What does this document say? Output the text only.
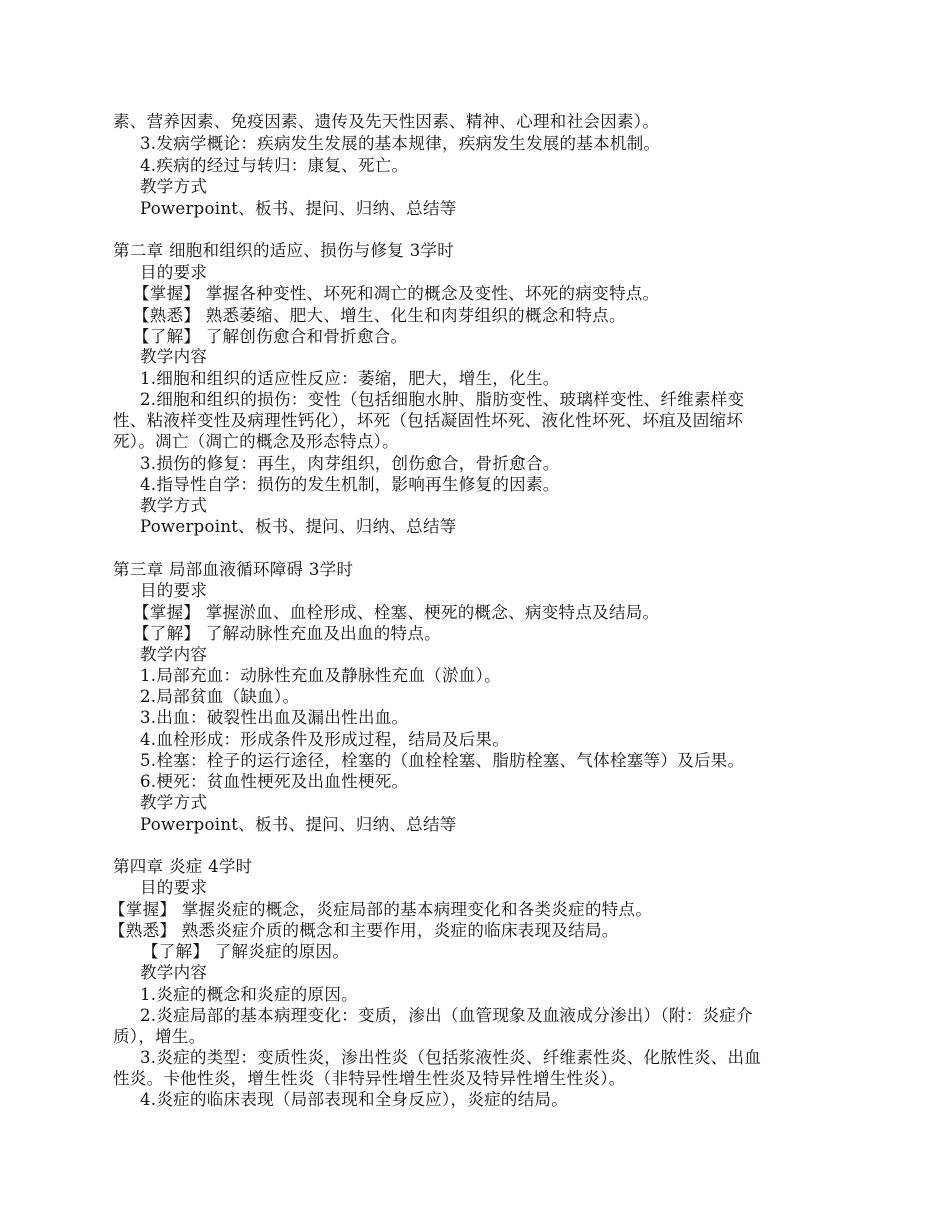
素、营养因素、免疫因素、遗传及先天性因素、精神、心理和社会因素）。
3.发病学概论：疾病发生发展的基本规律，疾病发生发展的基本机制。
4.疾病的经过与转归：康复、死亡。
教学方式
Powerpoint、板书、提问、归纳、总结等
第二章 细胞和组织的适应、损伤与修复 3学时
目的要求
【掌握】 掌握各种变性、坏死和凋亡的概念及变性、坏死的病变特点。
【熟悉】 熟悉萎缩、肥大、增生、化生和肉芽组织的概念和特点。
【了解】 了解创伤愈合和骨折愈合。
教学内容
1.细胞和组织的适应性反应：萎缩，肥大，增生，化生。
2.细胞和组织的损伤：变性（包括细胞水肿、脂肪变性、玻璃样变性、纤维素样变
性、粘液样变性及病理性钙化），坏死（包括凝固性坏死、液化性坏死、坏疽及固缩坏
死）。凋亡（凋亡的概念及形态特点）。
3.损伤的修复：再生，肉芽组织，创伤愈合，骨折愈合。
4.指导性自学：损伤的发生机制，影响再生修复的因素。
教学方式
Powerpoint、板书、提问、归纳、总结等
第三章 局部血液循环障碍 3学时
目的要求
【掌握】 掌握淤血、血栓形成、栓塞、梗死的概念、病变特点及结局。
【了解】 了解动脉性充血及出血的特点。
教学内容
1.局部充血：动脉性充血及静脉性充血（淤血）。
2.局部贫血（缺血）。
3.出血：破裂性出血及漏出性出血。
4.血栓形成：形成条件及形成过程，结局及后果。
5.栓塞：栓子的运行途径，栓塞的（血栓栓塞、脂肪栓塞、气体栓塞等）及后果。
6.梗死：贫血性梗死及出血性梗死。
教学方式
Powerpoint、板书、提问、归纳、总结等
第四章 炎症 4学时
目的要求
【掌握】 掌握炎症的概念，炎症局部的基本病理变化和各类炎症的特点。
【熟悉】 熟悉炎症介质的概念和主要作用，炎症的临床表现及结局。
【了解】 了解炎症的原因。
教学内容
1.炎症的概念和炎症的原因。
2.炎症局部的基本病理变化：变质，渗出（血管现象及血液成分渗出）（附：炎症介
质），增生。
3.炎症的类型：变质性炎，渗出性炎（包括浆液性炎、纤维素性炎、化脓性炎、出血
性炎。卡他性炎，增生性炎（非特异性增生性炎及特异性增生性炎）。
4.炎症的临床表现（局部表现和全身反应），炎症的结局。
